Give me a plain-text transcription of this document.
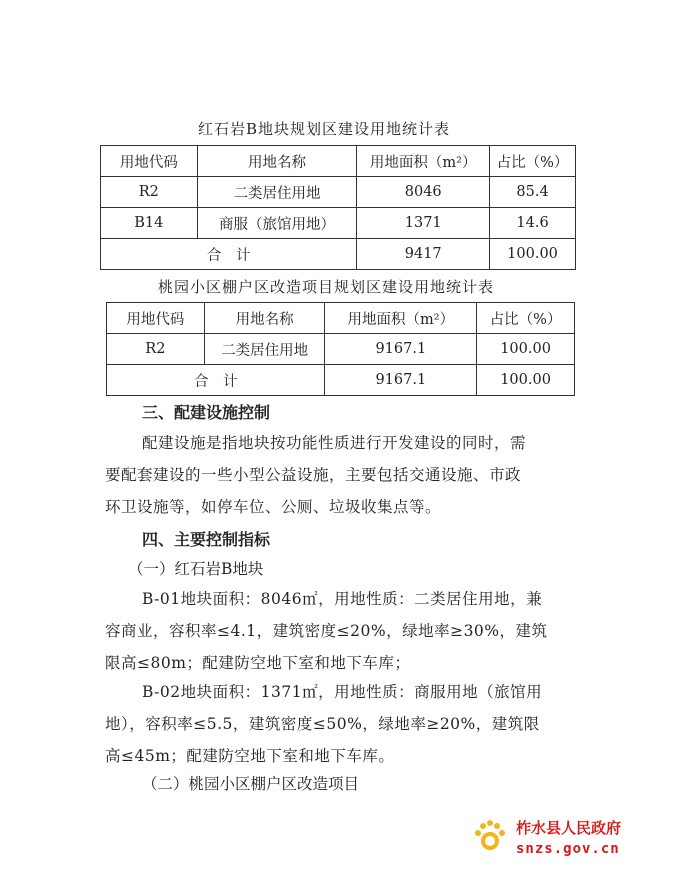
红石岩B地块规划区建设用地统计表
用地代码	用地名称	用地面积（m²）	占比（%）
R2	二类居住用地	8046	85.4
B14	商服（旅馆用地）	1371	14.6
合　计		9417	100.00
桃园小区棚户区改造项目规划区建设用地统计表
用地代码	用地名称	用地面积（m²）	占比（%）
R2	二类居住用地	9167.1	100.00
合　计		9167.1	100.00
三、配建设施控制
配建设施是指地块按功能性质进行开发建设的同时，需
要配套建设的一些小型公益设施，主要包括交通设施、市政
环卫设施等，如停车位、公厕、垃圾收集点等。
四、主要控制指标
（一）红石岩B地块
B-01地块面积：8046㎡，用地性质：二类居住用地，兼
容商业，容积率≤4.1，建筑密度≤20%，绿地率≥30%，建筑
限高≤80m；配建防空地下室和地下车库；
B-02地块面积：1371㎡，用地性质：商服用地（旅馆用
地），容积率≤5.5，建筑密度≤50%，绿地率≥20%，建筑限
高≤45m；配建防空地下室和地下车库。
（二）桃园小区棚户区改造项目
柞水县人民政府
snzs.gov.cn
